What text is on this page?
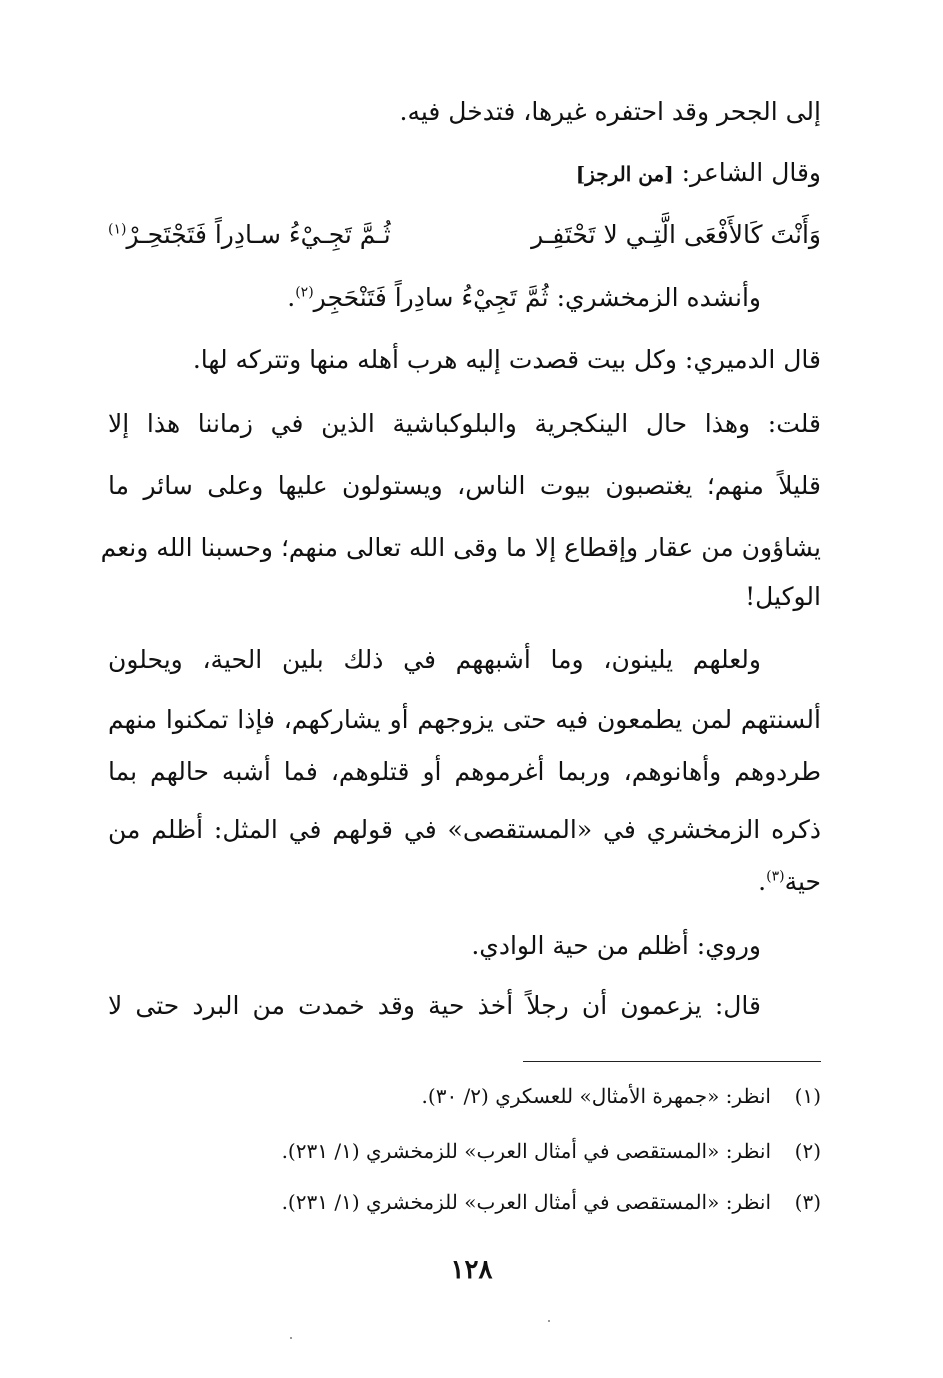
إلى الجحر وقد احتفره غيرها، فتدخل فيه.
وقال الشاعر: [من الرجز]
وَأَنْتَ كَالأَفْعَى الَّتِـي لا تَحْتَفِـر
ثُـمَّ تَجِـيْءُ سـادِراً فَتَجْتَحِـرْ$^{(١)}$
وأنشده الزمخشري: ثُمَّ تَجِيْءُ سادِراً فَتَنْحَجِر$^{(٢)}$.
قال الدميري: وكل بيت قصدت إليه هرب أهله منها وتتركه لها.
قلت: وهذا حال الينكجرية والبلوكباشية الذين في زماننا هذا إلا
قليلاً منهم؛ يغتصبون بيوت الناس، ويستولون عليها وعلى سائر ما
يشاؤون من عقار وإقطاع إلا ما وقى الله تعالى منهم؛ وحسبنا الله ونعم
الوكيل!
ولعلهم يلينون، وما أشبههم في ذلك بلين الحية، ويحلون
ألسنتهم لمن يطمعون فيه حتى يزوجهم أو يشاركهم، فإذا تمكنوا منهم
طردوهم وأهانوهم، وربما أغرموهم أو قتلوهم، فما أشبه حالهم بما
ذكره الزمخشري في «المستقصى» في قولهم في المثل: أظلم من
حية$^{(٣)}$.
وروي: أظلم من حية الوادي.
قال: يزعمون أن رجلاً أخذ حية وقد خمدت من البرد حتى لا
(١)انظر: «جمهرة الأمثال» للعسكري (٢/ ٣٠).
(٢)انظر: «المستقصى في أمثال العرب» للزمخشري (١/ ٢٣١).
(٣)انظر: «المستقصى في أمثال العرب» للزمخشري (١/ ٢٣١).
١٢٨
